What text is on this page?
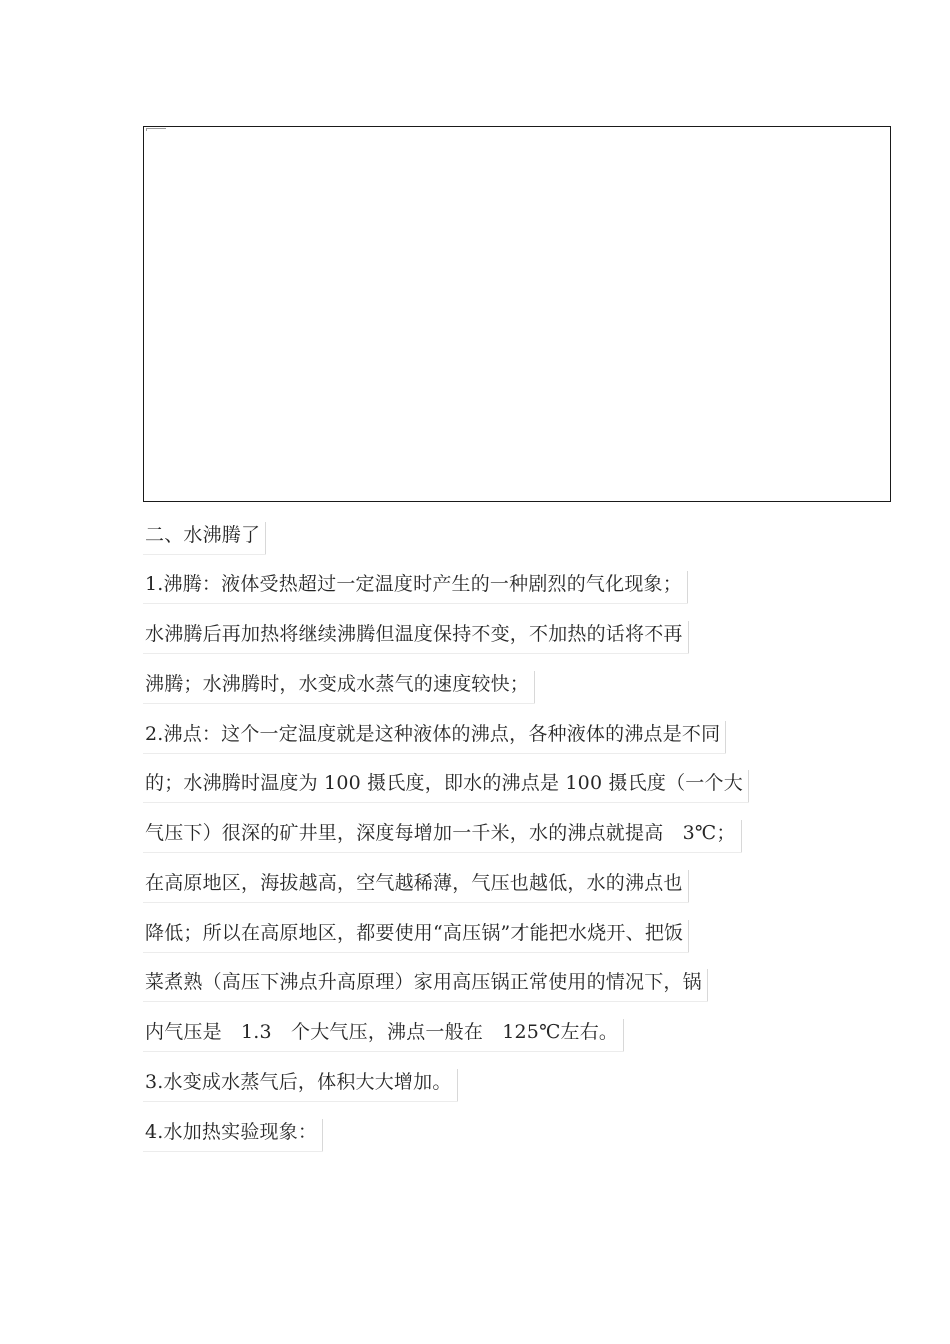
二、水沸腾了
1.沸腾：液体受热超过一定温度时产生的一种剧烈的气化现象；
水沸腾后再加热将继续沸腾但温度保持不变，不加热的话将不再
沸腾；水沸腾时，水变成水蒸气的速度较快；
2.沸点：这个一定温度就是这种液体的沸点，各种液体的沸点是不同
的；水沸腾时温度为 100 摄氏度，即水的沸点是 100 摄氏度（一个大
气压下）很深的矿井里，深度每增加一千米，水的沸点就提高　3℃；
在高原地区，海拔越高，空气越稀薄，气压也越低，水的沸点也
降低；所以在高原地区，都要使用“高压锅”才能把水烧开、把饭
菜煮熟（高压下沸点升高原理）家用高压锅正常使用的情况下，锅
内气压是　1.3　个大气压，沸点一般在　125℃左右。
3.水变成水蒸气后，体积大大增加。
4.水加热实验现象：
